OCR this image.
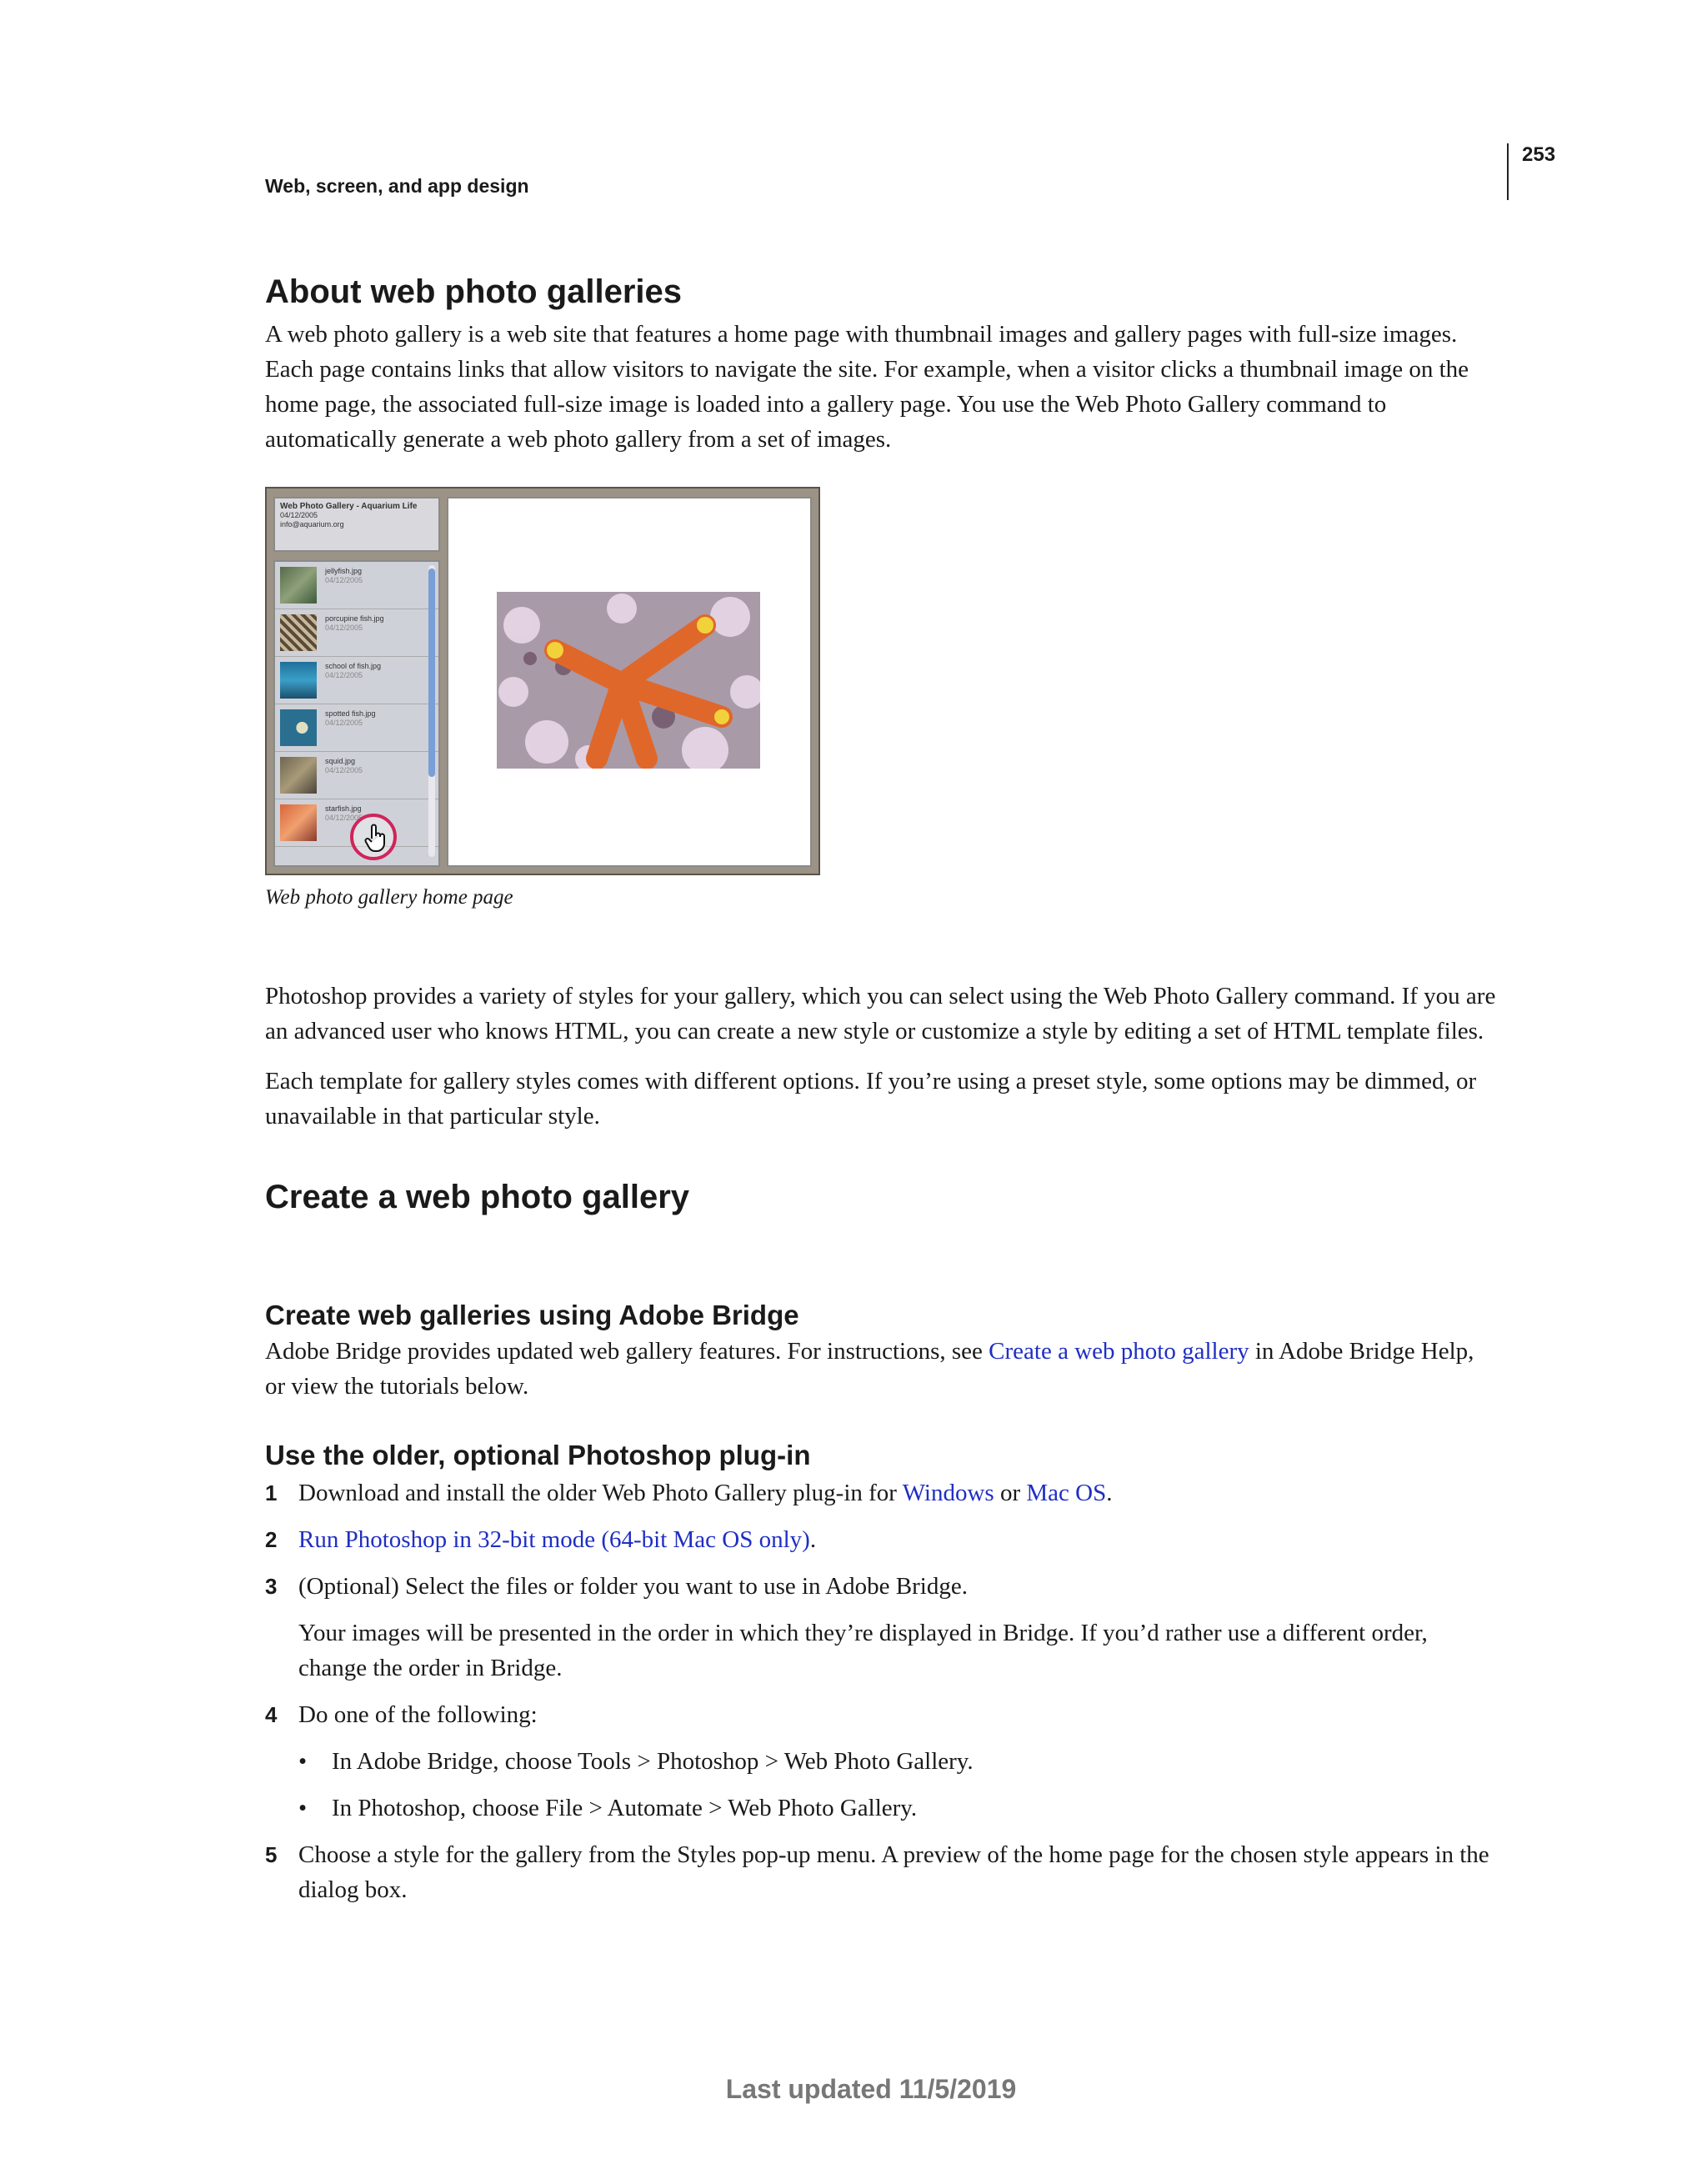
253
Web, screen, and app design
About web photo galleries

A web photo gallery is a web site that features a home page with thumbnail images and gallery pages with full-size images. Each page contains links that allow visitors to navigate the site. For example, when a visitor clicks a thumbnail image on the home page, the associated full-size image is loaded into a gallery page. You use the Web Photo Gallery command to automatically generate a web photo gallery from a set of images.

Web Photo Gallery - Aquarium Life
04/12/2005
info@aquarium.org
jellyfish.jpg
04/12/2005
porcupine fish.jpg
04/12/2005
school of fish.jpg
04/12/2005
spotted fish.jpg
04/12/2005
squid.jpg
04/12/2005
starfish.jpg
04/12/2005
Web photo gallery home page

Photoshop provides a variety of styles for your gallery, which you can select using the Web Photo Gallery command. If you are an advanced user who knows HTML, you can create a new style or customize a style by editing a set of HTML template files.

Each template for gallery styles comes with different options. If you’re using a preset style, some options may be dimmed, or unavailable in that particular style.

Create a web photo gallery
Create web galleries using Adobe Bridge

Adobe Bridge provides updated web gallery features. For instructions, see Create a web photo gallery in Adobe Bridge Help, or view the tutorials below.

Use the older, optional Photoshop plug-in
1 Download and install the older Web Photo Gallery plug-in for Windows or Mac OS.
2 Run Photoshop in 32-bit mode (64-bit Mac OS only).
3 (Optional) Select the files or folder you want to use in Adobe Bridge.
Your images will be presented in the order in which they’re displayed in Bridge. If you’d rather use a different order, change the order in Bridge.
4 Do one of the following:
• In Adobe Bridge, choose Tools > Photoshop > Web Photo Gallery.
• In Photoshop, choose File > Automate > Web Photo Gallery.
5 Choose a style for the gallery from the Styles pop-up menu. A preview of the home page for the chosen style appears in the dialog box.
Last updated 11/5/2019
